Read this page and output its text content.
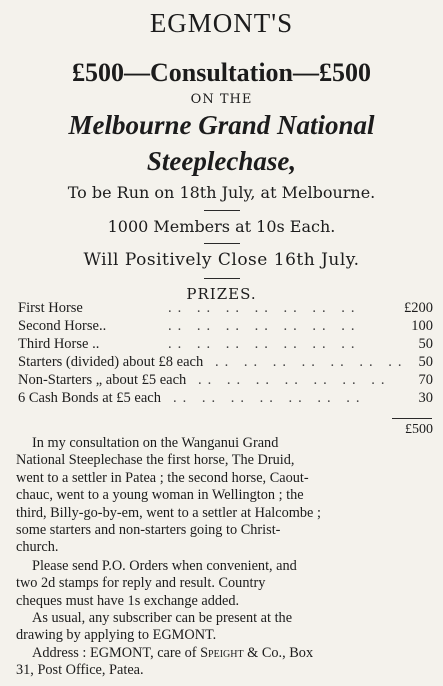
EGMONT'S
£500—Consultation—£500
ON THE
Melbourne Grand National
Steeplechase,
To be Run on 18th July, at Melbourne.
1000 Members at 10s Each.
Will Positively Close 16th July.
PRIZES.
First Horse	.. .. .. .. .. .. ..	£200
Second Horse..	.. .. .. .. .. .. ..	100
Third Horse ..	.. .. .. .. .. .. ..	50
Starters (divided) about £8 each .. .. .. .. .. .. .. 50
Non-Starters „ about £5 each .. .. .. .. .. .. ..	70
6 Cash Bonds at £5 each .. .. .. .. .. .. ..	30
£500
In my consultation on the Wanganui Grand
National Steeplechase the first horse, The Druid,
went to a settler in Patea ; the second horse, Caout-
chauc, went to a young woman in Wellington ; the
third, Billy-go-by-em, went to a settler at Halcombe ;
some starters and non-starters going to Christ-
church.
Please send P.O. Orders when convenient, and
two 2d stamps for reply and result. Country
cheques must have 1s exchange added.
As usual, any subscriber can be present at the
drawing by applying to EGMONT.
Address : EGMONT, care of Speight & Co., Box
31, Post Office, Patea.
